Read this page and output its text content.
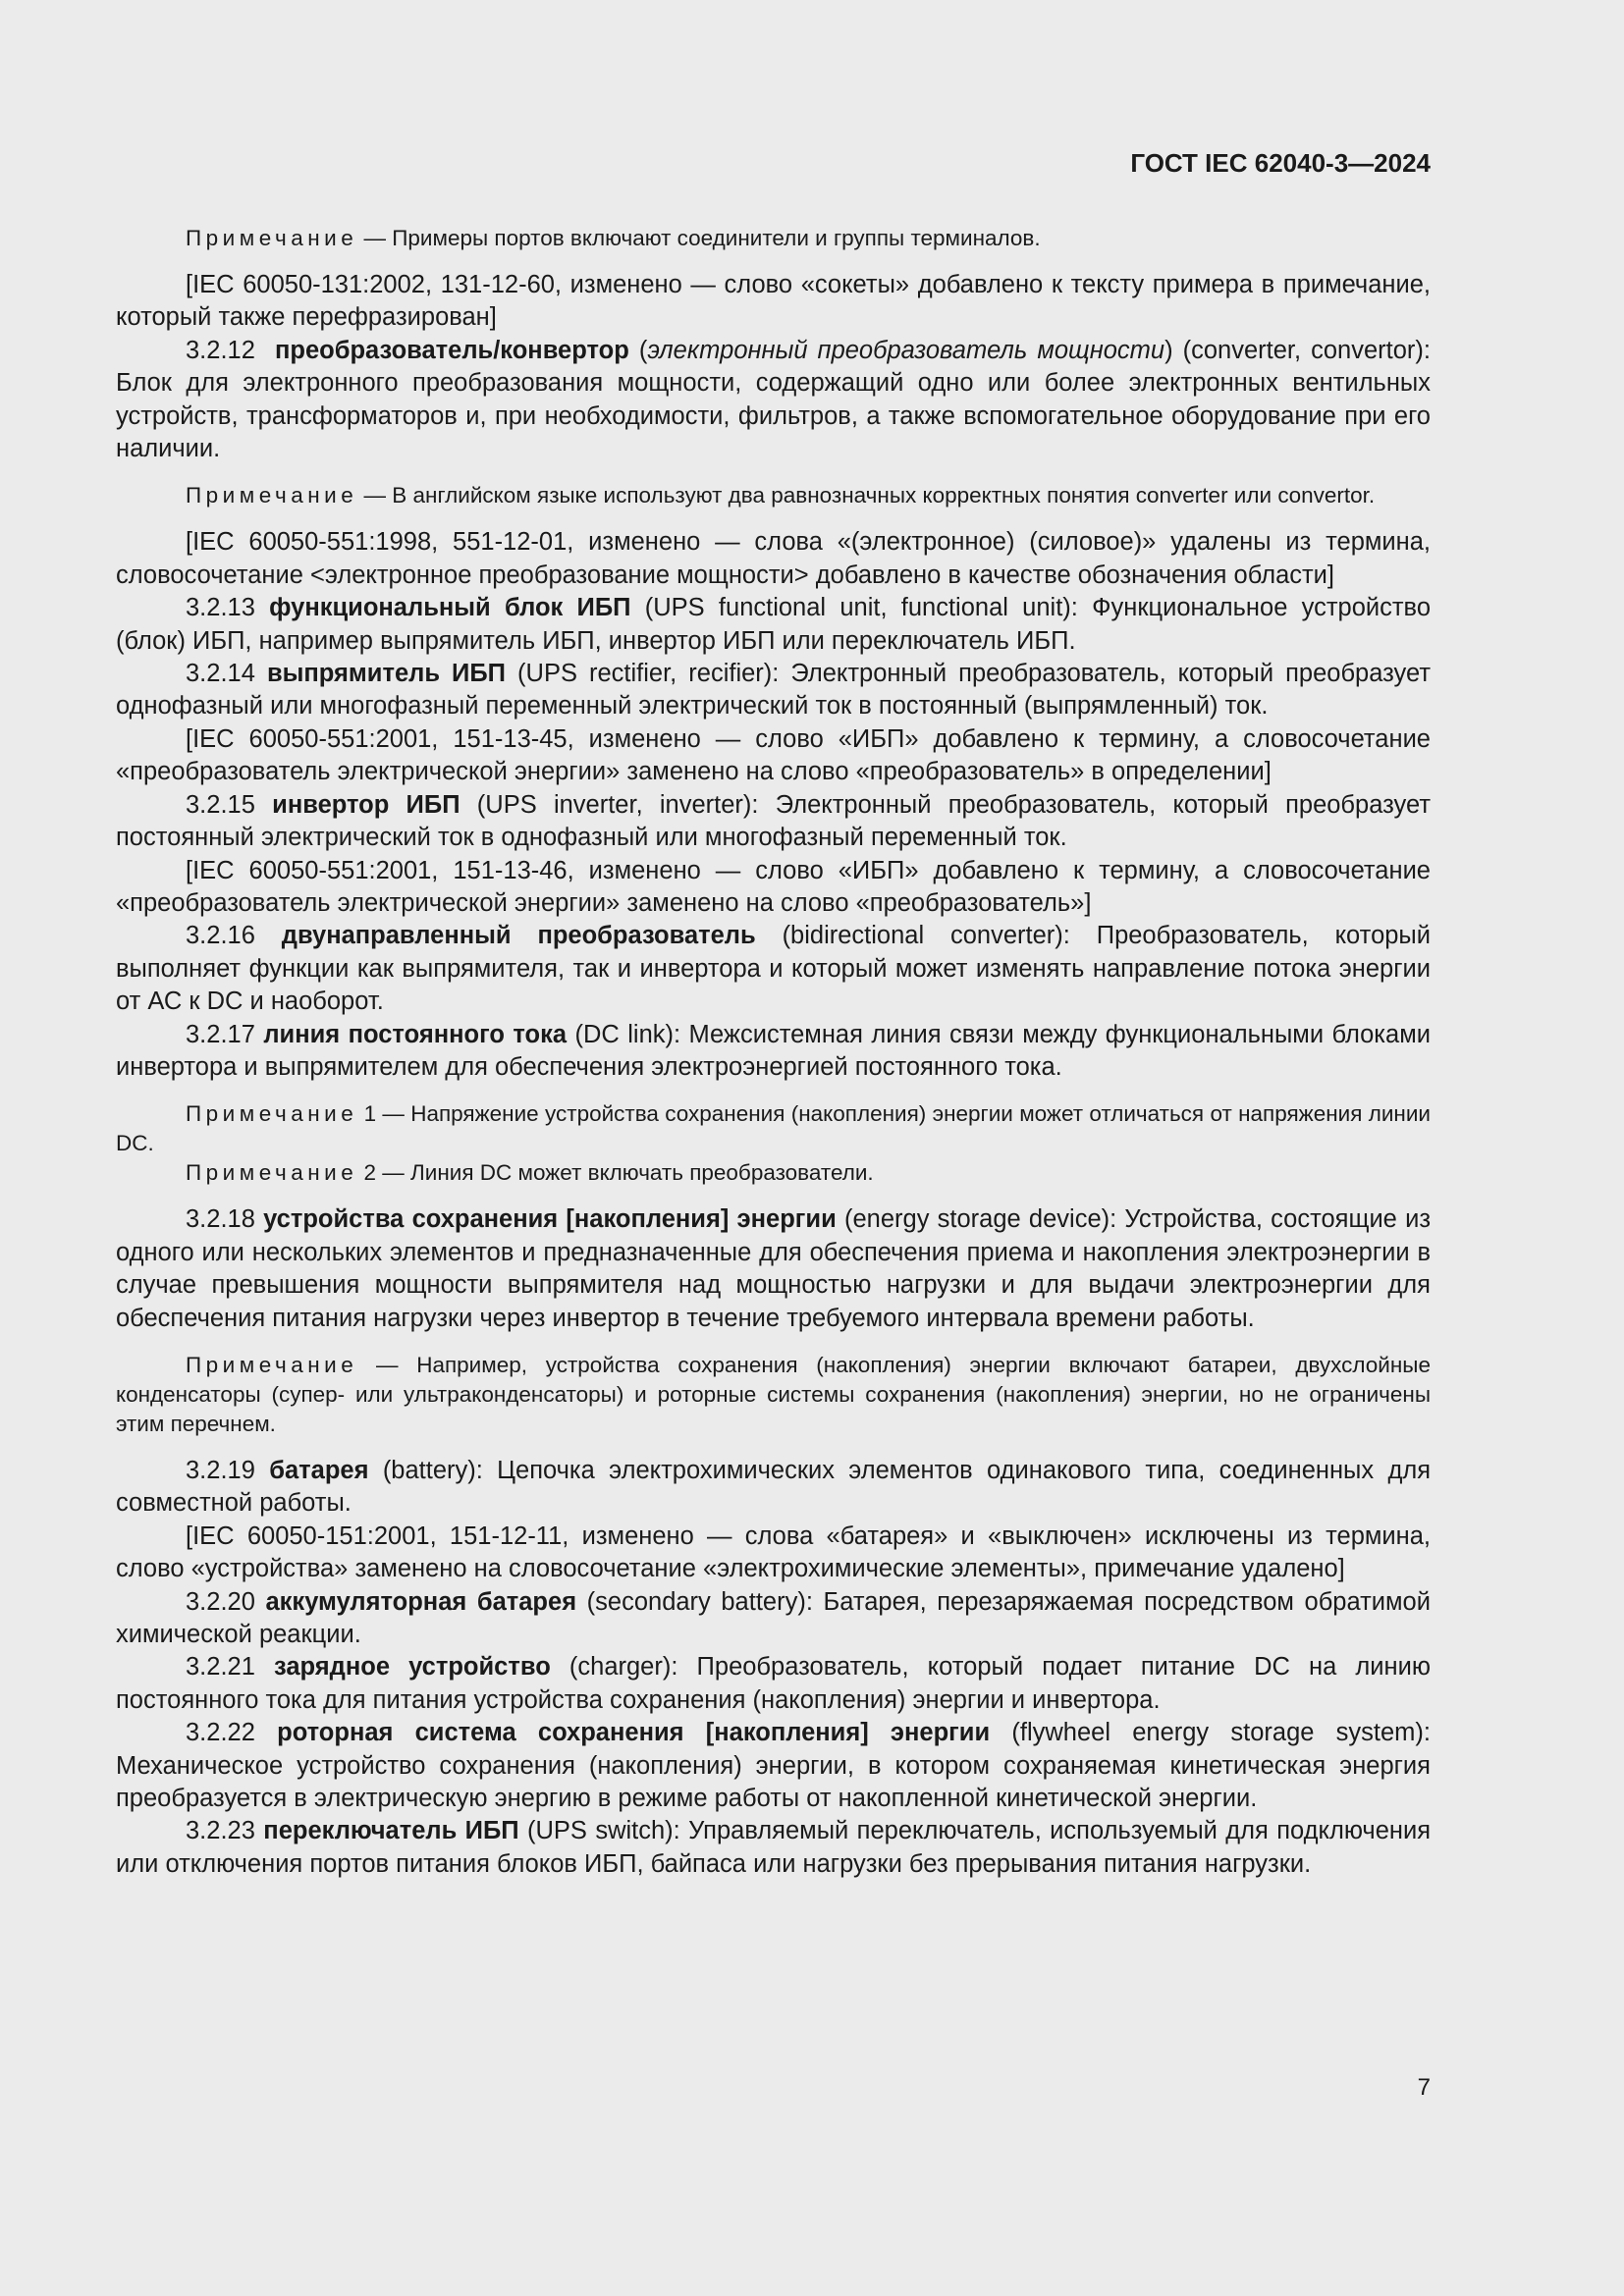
ГОСТ IEC 62040-3—2024

Примечание — Примеры портов включают соединители и группы терминалов.

[IEC 60050-131:2002, 131-12-60, изменено — слово «сокеты» добавлено к тексту примера в примечание, который также перефразирован]

3.2.12 преобразователь/конвертор (электронный преобразователь мощности) (converter, convertor): Блок для электронного преобразования мощности, содержащий одно или более электронных вентильных устройств, трансформаторов и, при необходимости, фильтров, а также вспомогательное оборудование при его наличии.

Примечание — В английском языке используют два равнозначных корректных понятия converter или convertor.

[IEC 60050-551:1998, 551-12-01, изменено — слова «(электронное) (силовое)» удалены из термина, словосочетание <электронное преобразование мощности> добавлено в качестве обозначения области]

3.2.13 функциональный блок ИБП (UPS functional unit, functional unit): Функциональное устройство (блок) ИБП, например выпрямитель ИБП, инвертор ИБП или переключатель ИБП.

3.2.14 выпрямитель ИБП (UPS rectifier, recifier): Электронный преобразователь, который преобразует однофазный или многофазный переменный электрический ток в постоянный (выпрямленный) ток.

[IEC 60050-551:2001, 151-13-45, изменено — слово «ИБП» добавлено к термину, а словосочетание «преобразователь электрической энергии» заменено на слово «преобразователь» в определении]

3.2.15 инвертор ИБП (UPS inverter, inverter): Электронный преобразователь, который преобразует постоянный электрический ток в однофазный или многофазный переменный ток.

[IEC 60050-551:2001, 151-13-46, изменено — слово «ИБП» добавлено к термину, а словосочетание «преобразователь электрической энергии» заменено на слово «преобразователь»]

3.2.16 двунаправленный преобразователь (bidirectional converter): Преобразователь, который выполняет функции как выпрямителя, так и инвертора и который может изменять направление потока энергии от АС к DC и наоборот.

3.2.17 линия постоянного тока (DC link): Межсистемная линия связи между функциональными блоками инвертора и выпрямителем для обеспечения электроэнергией постоянного тока.

Примечание 1 — Напряжение устройства сохранения (накопления) энергии может отличаться от напряжения линии DC.

Примечание 2 — Линия DC может включать преобразователи.

3.2.18 устройства сохранения [накопления] энергии (energy storage device): Устройства, состоящие из одного или нескольких элементов и предназначенные для обеспечения приема и накопления электроэнергии в случае превышения мощности выпрямителя над мощностью нагрузки и для выдачи электроэнергии для обеспечения питания нагрузки через инвертор в течение требуемого интервала времени работы.

Примечание — Например, устройства сохранения (накопления) энергии включают батареи, двухслойные конденсаторы (супер- или ультраконденсаторы) и роторные системы сохранения (накопления) энергии, но не ограничены этим перечнем.

3.2.19 батарея (battery): Цепочка электрохимических элементов одинакового типа, соединенных для совместной работы.

[IEC 60050-151:2001, 151-12-11, изменено — слова «батарея» и «выключен» исключены из термина, слово «устройства» заменено на словосочетание «электрохимические элементы», примечание удалено]

3.2.20 аккумуляторная батарея (secondary battery): Батарея, перезаряжаемая посредством обратимой химической реакции.

3.2.21 зарядное устройство (charger): Преобразователь, который подает питание DC на линию постоянного тока для питания устройства сохранения (накопления) энергии и инвертора.

3.2.22 роторная система сохранения [накопления] энергии (flywheel energy storage system): Механическое устройство сохранения (накопления) энергии, в котором сохраняемая кинетическая энергия преобразуется в электрическую энергию в режиме работы от накопленной кинетической энергии.

3.2.23 переключатель ИБП (UPS switch): Управляемый переключатель, используемый для подключения или отключения портов питания блоков ИБП, байпаса или нагрузки без прерывания питания нагрузки.

7
